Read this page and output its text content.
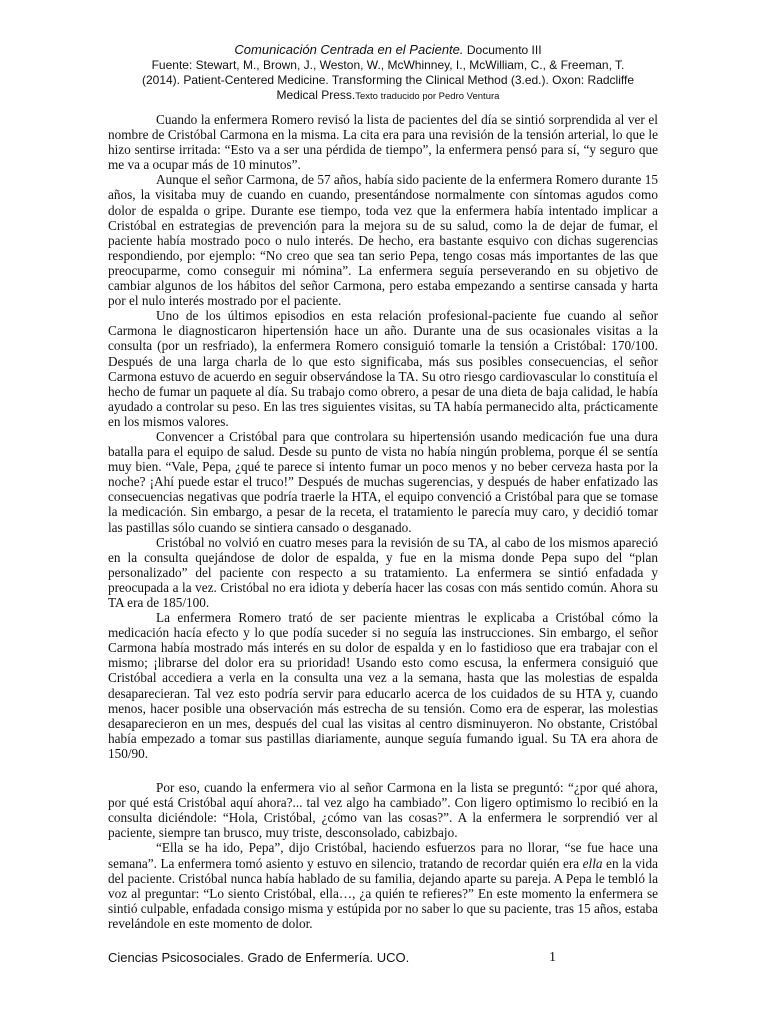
Comunicación Centrada en el Paciente. Documento III
Fuente: Stewart, M., Brown, J., Weston, W., McWhinney, I., McWilliam, C., & Freeman, T.
(2014). Patient-Centered Medicine. Transforming the Clinical Method (3.ed.). Oxon: Radcliffe
Medical Press.Texto traducido por Pedro Ventura

Cuando la enfermera Romero revisó la lista de pacientes del día se sintió sorprendida al ver el nombre de Cristóbal Carmona en la misma. La cita era para una revisión de la tensión arterial, lo que le hizo sentirse irritada: “Esto va a ser una pérdida de tiempo”, la enfermera pensó para sí, “y seguro que me va a ocupar más de 10 minutos”.

Aunque el señor Carmona, de 57 años, había sido paciente de la enfermera Romero durante 15 años, la visitaba muy de cuando en cuando, presentándose normalmente con síntomas agudos como dolor de espalda o gripe. Durante ese tiempo, toda vez que la enfermera había intentado implicar a Cristóbal en estrategias de prevención para la mejora su de su salud, como la de dejar de fumar, el paciente había mostrado poco o nulo interés. De hecho, era bastante esquivo con dichas sugerencias respondiendo, por ejemplo: “No creo que sea tan serio Pepa, tengo cosas más importantes de las que preocuparme, como conseguir mi nómina”. La enfermera seguía perseverando en su objetivo de cambiar algunos de los hábitos del señor Carmona, pero estaba empezando a sentirse cansada y harta por el nulo interés mostrado por el paciente.

Uno de los últimos episodios en esta relación profesional-paciente fue cuando al señor Carmona le diagnosticaron hipertensión hace un año. Durante una de sus ocasionales visitas a la consulta (por un resfriado), la enfermera Romero consiguió tomarle la tensión a Cristóbal: 170/100. Después de una larga charla de lo que esto significaba, más sus posibles consecuencias, el señor Carmona estuvo de acuerdo en seguir observándose la TA. Su otro riesgo cardiovascular lo constituía el hecho de fumar un paquete al día. Su trabajo como obrero, a pesar de una dieta de baja calidad, le había ayudado a controlar su peso. En las tres siguientes visitas, su TA había permanecido alta, prácticamente en los mismos valores.

Convencer a Cristóbal para que controlara su hipertensión usando medicación fue una dura batalla para el equipo de salud. Desde su punto de vista no había ningún problema, porque él se sentía muy bien. “Vale, Pepa, ¿qué te parece si intento fumar un poco menos y no beber cerveza hasta por la noche? ¡Ahí puede estar el truco!” Después de muchas sugerencias, y después de haber enfatizado las consecuencias negativas que podría traerle la HTA, el equipo convenció a Cristóbal para que se tomase la medicación. Sin embargo, a pesar de la receta, el tratamiento le parecía muy caro, y decidió tomar las pastillas sólo cuando se sintiera cansado o desganado.

Cristóbal no volvió en cuatro meses para la revisión de su TA, al cabo de los mismos apareció en la consulta quejándose de dolor de espalda, y fue en la misma donde Pepa supo del “plan personalizado” del paciente con respecto a su tratamiento. La enfermera se sintió enfadada y preocupada a la vez. Cristóbal no era idiota y debería hacer las cosas con más sentido común. Ahora su TA era de 185/100.

La enfermera Romero trató de ser paciente mientras le explicaba a Cristóbal cómo la medicación hacía efecto y lo que podía suceder si no seguía las instrucciones. Sin embargo, el señor Carmona había mostrado más interés en su dolor de espalda y en lo fastidioso que era trabajar con el mismo; ¡librarse del dolor era su prioridad! Usando esto como escusa, la enfermera consiguió que Cristóbal accediera a verla en la consulta una vez a la semana, hasta que las molestias de espalda desaparecieran. Tal vez esto podría servir para educarlo acerca de los cuidados de su HTA y, cuando menos, hacer posible una observación más estrecha de su tensión. Como era de esperar, las molestias desaparecieron en un mes, después del cual las visitas al centro disminuyeron. No obstante, Cristóbal había empezado a tomar sus pastillas diariamente, aunque seguía fumando igual. Su TA era ahora de 150/90.

Por eso, cuando la enfermera vio al señor Carmona en la lista se preguntó: “¿por qué ahora, por qué está Cristóbal aquí ahora?... tal vez algo ha cambiado”. Con ligero optimismo lo recibió en la consulta diciéndole: “Hola, Cristóbal, ¿cómo van las cosas?”. A la enfermera le sorprendió ver al paciente, siempre tan brusco, muy triste, desconsolado, cabizbajo.

“Ella se ha ido, Pepa”, dijo Cristóbal, haciendo esfuerzos para no llorar, “se fue hace una semana”. La enfermera tomó asiento y estuvo en silencio, tratando de recordar quién era ella en la vida del paciente. Cristóbal nunca había hablado de su familia, dejando aparte su pareja. A Pepa le tembló la voz al preguntar: “Lo siento Cristóbal, ella…, ¿a quién te refieres?” En este momento la enfermera se sintió culpable, enfadada consigo misma y estúpida por no saber lo que su paciente, tras 15 años, estaba revelándole en este momento de dolor.

Ciencias Psicosociales. Grado de Enfermería. UCO.	1
